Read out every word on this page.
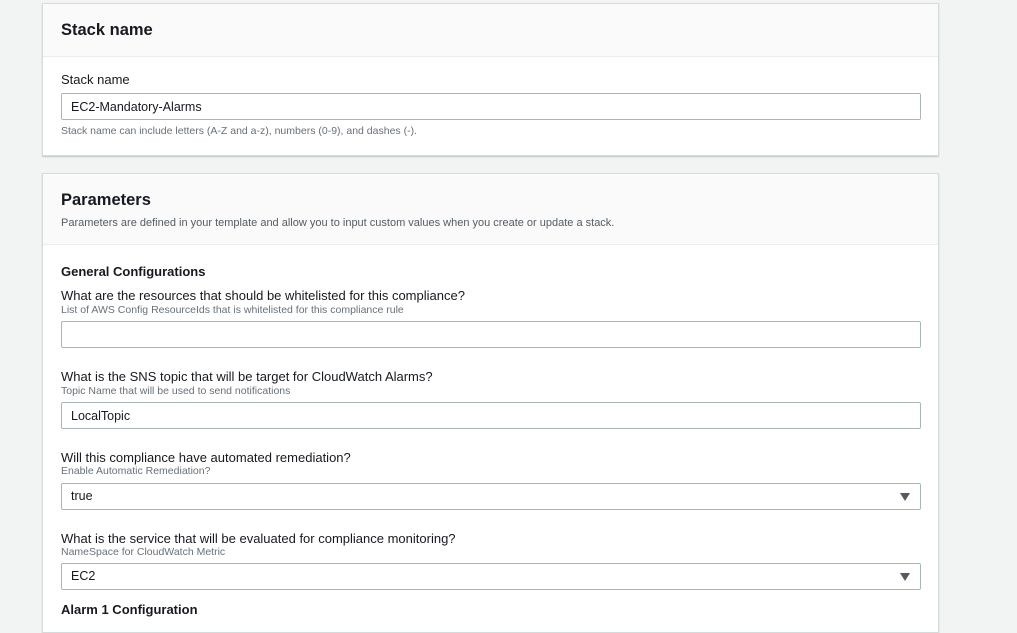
Stack name
Stack name
EC2-Mandatory-Alarms
Stack name can include letters (A-Z and a-z), numbers (0-9), and dashes (-).
Parameters
Parameters are defined in your template and allow you to input custom values when you create or update a stack.
General Configurations
What are the resources that should be whitelisted for this compliance?
List of AWS Config ResourceIds that is whitelisted for this compliance rule
What is the SNS topic that will be target for CloudWatch Alarms?
Topic Name that will be used to send notifications
LocalTopic
Will this compliance have automated remediation?
Enable Automatic Remediation?
true
What is the service that will be evaluated for compliance monitoring?
NameSpace for CloudWatch Metric
EC2
Alarm 1 Configuration
